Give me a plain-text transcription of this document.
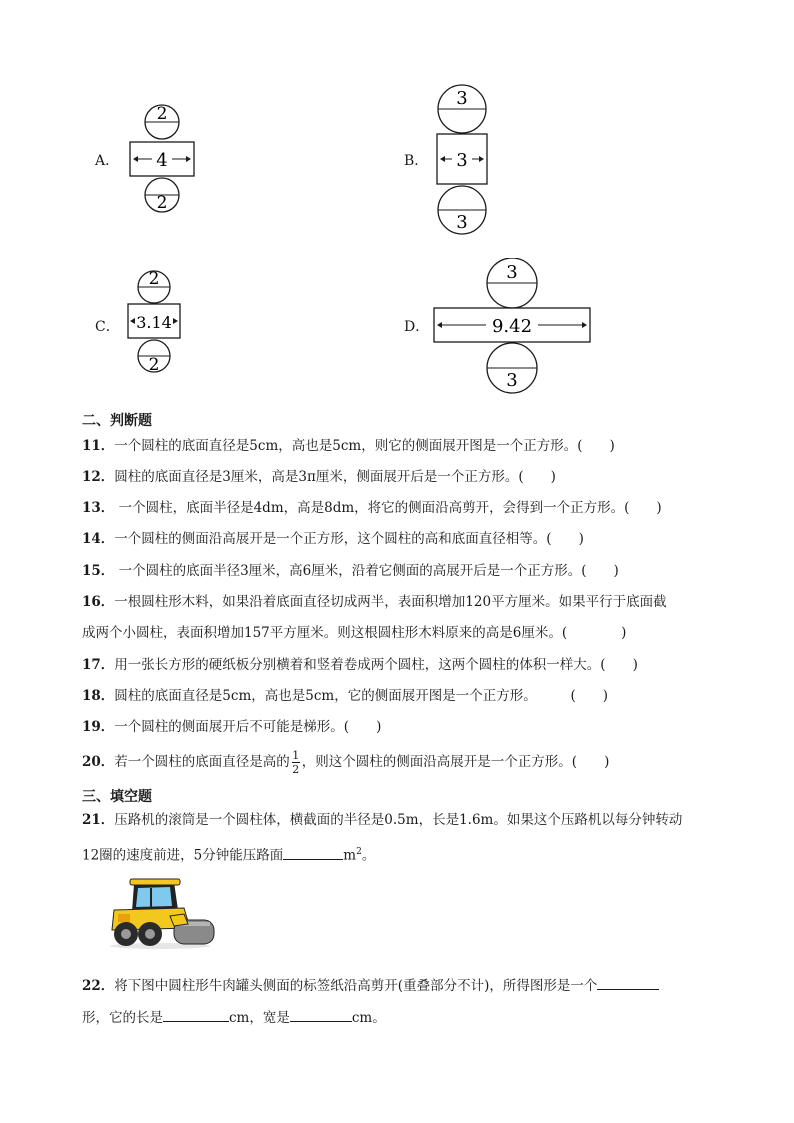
A．
2
4
2
B．
3
3
3
C．
2
3.14
2
D．
3
9.42
3
二、判断题
11．一个圆柱的底面直径是5cm，高也是5cm，则它的侧面展开图是一个正方形。(　　)
12．圆柱的底面直径是3厘米，高是3π厘米，侧面展开后是一个正方形。(　　)
13． 一个圆柱，底面半径是4dm，高是8dm，将它的侧面沿高剪开，会得到一个正方形。(　　)
14．一个圆柱的侧面沿高展开是一个正方形，这个圆柱的高和底面直径相等。(　　)
15． 一个圆柱的底面半径3厘米，高6厘米，沿着它侧面的高展开后是一个正方形。(　　)
16．一根圆柱形木料，如果沿着底面直径切成两半，表面积增加120平方厘米。如果平行于底面截
成两个小圆柱，表面积增加157平方厘米。则这根圆柱形木料原来的高是6厘米。(　　　　)
17．用一张长方形的硬纸板分别横着和竖着卷成两个圆柱，这两个圆柱的体积一样大。(　　)
18．圆柱的底面直径是5cm，高也是5cm，它的侧面展开图是一个正方形。　　　(　　)
19．一个圆柱的侧面展开后不可能是梯形。(　　)
20．若一个圆柱的底面直径是高的 $\frac{1}{2}$ ，则这个圆柱的侧面沿高展开是一个正方形。(　　)
三、填空题
21．压路机的滚筒是一个圆柱体，横截面的半径是0.5m，长是1.6m。如果这个压路机以每分钟转动
12圈的速度前进，5分钟能压路面	$m^2$。
22．将下图中圆柱形牛肉罐头侧面的标签纸沿高剪开(重叠部分不计)，所得图形是一个
形，它的长是	cm，宽是	cm。
